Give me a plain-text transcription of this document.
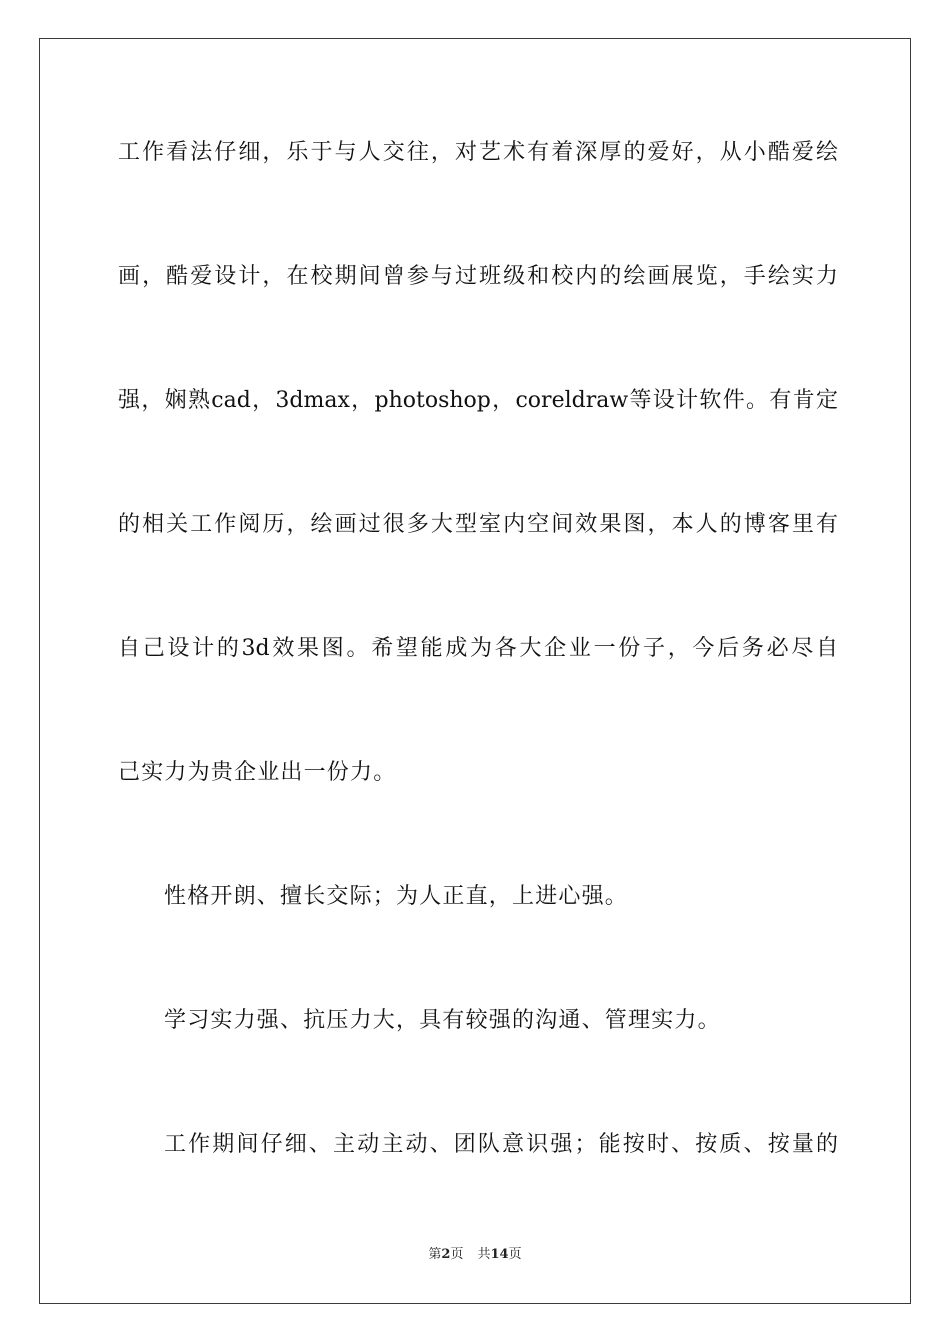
工作看法仔细，乐于与人交往，对艺术有着深厚的爱好，从小酷爱绘
画，酷爱设计，在校期间曾参与过班级和校内的绘画展览，手绘实力
强，娴熟cad，3dmax，photoshop，coreldraw等设计软件。有肯定
的相关工作阅历，绘画过很多大型室内空间效果图，本人的博客里有
自己设计的3d效果图。希望能成为各大企业一份子，今后务必尽自
己实力为贵企业出一份力。
性格开朗、擅长交际；为人正直，上进心强。
学习实力强、抗压力大，具有较强的沟通、管理实力。
工作期间仔细、主动主动、团队意识强；能按时、按质、按量的
第2页 共14页
